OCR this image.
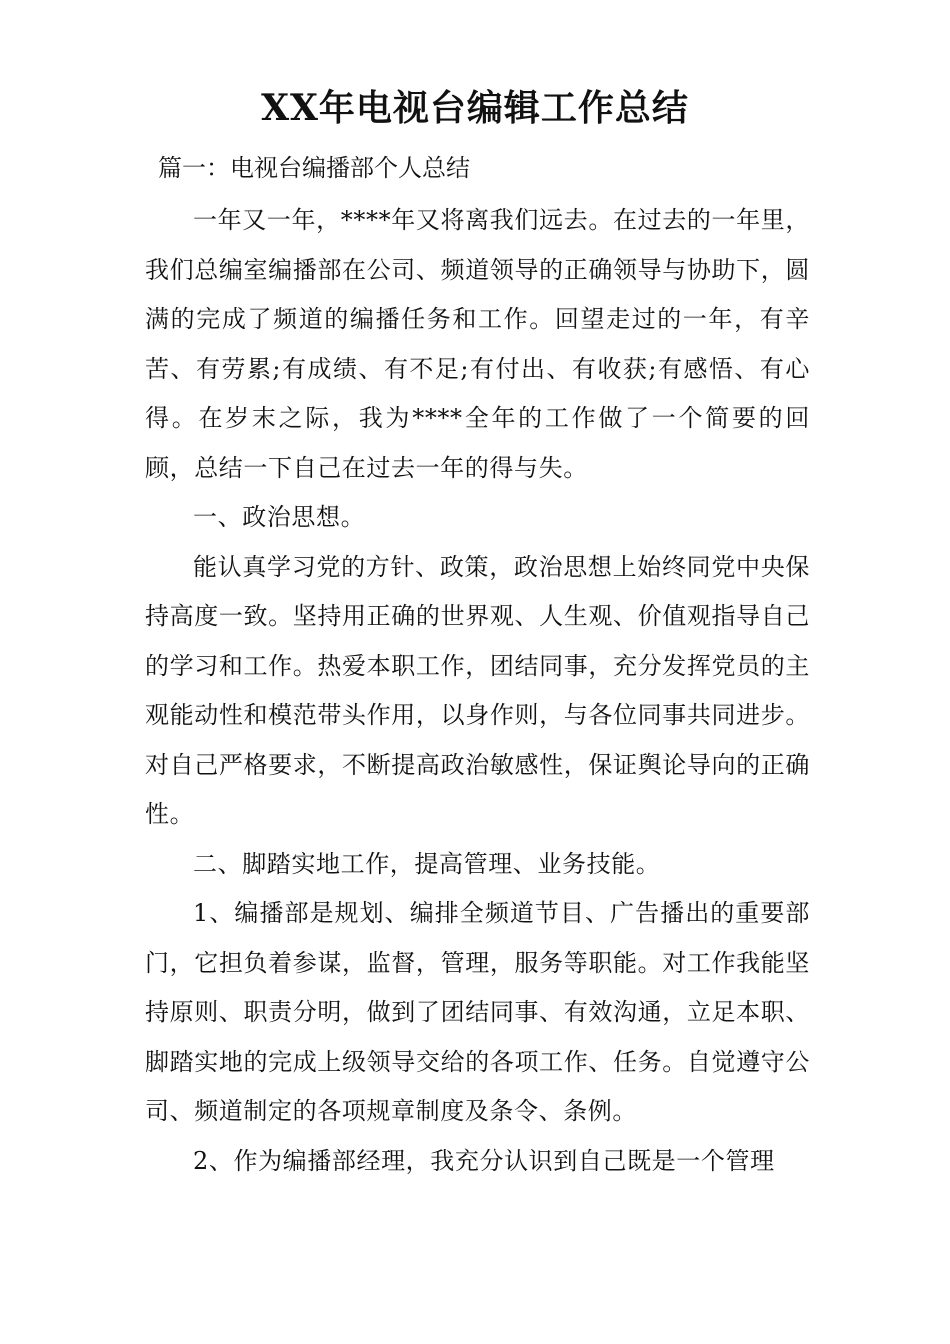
XX年电视台编辑工作总结
篇一：电视台编播部个人总结

一年又一年，****年又将离我们远去。在过去的一年里，我们总编室编播部在公司、频道领导的正确领导与协助下，圆满的完成了频道的编播任务和工作。回望走过的一年，有辛苦、有劳累;有成绩、有不足;有付出、有收获;有感悟、有心得。在岁末之际，我为****全年的工作做了一个简要的回顾，总结一下自己在过去一年的得与失。

一、政治思想。

能认真学习党的方针、政策，政治思想上始终同党中央保持高度一致。坚持用正确的世界观、人生观、价值观指导自己的学习和工作。热爱本职工作，团结同事，充分发挥党员的主观能动性和模范带头作用，以身作则，与各位同事共同进步。对自己严格要求，不断提高政治敏感性，保证舆论导向的正确性。

二、脚踏实地工作，提高管理、业务技能。

1、编播部是规划、编排全频道节目、广告播出的重要部门，它担负着参谋，监督，管理，服务等职能。对工作我能坚持原则、职责分明，做到了团结同事、有效沟通，立足本职、脚踏实地的完成上级领导交给的各项工作、任务。自觉遵守公司、频道制定的各项规章制度及条令、条例。

2、作为编播部经理，我充分认识到自己既是一个管理
